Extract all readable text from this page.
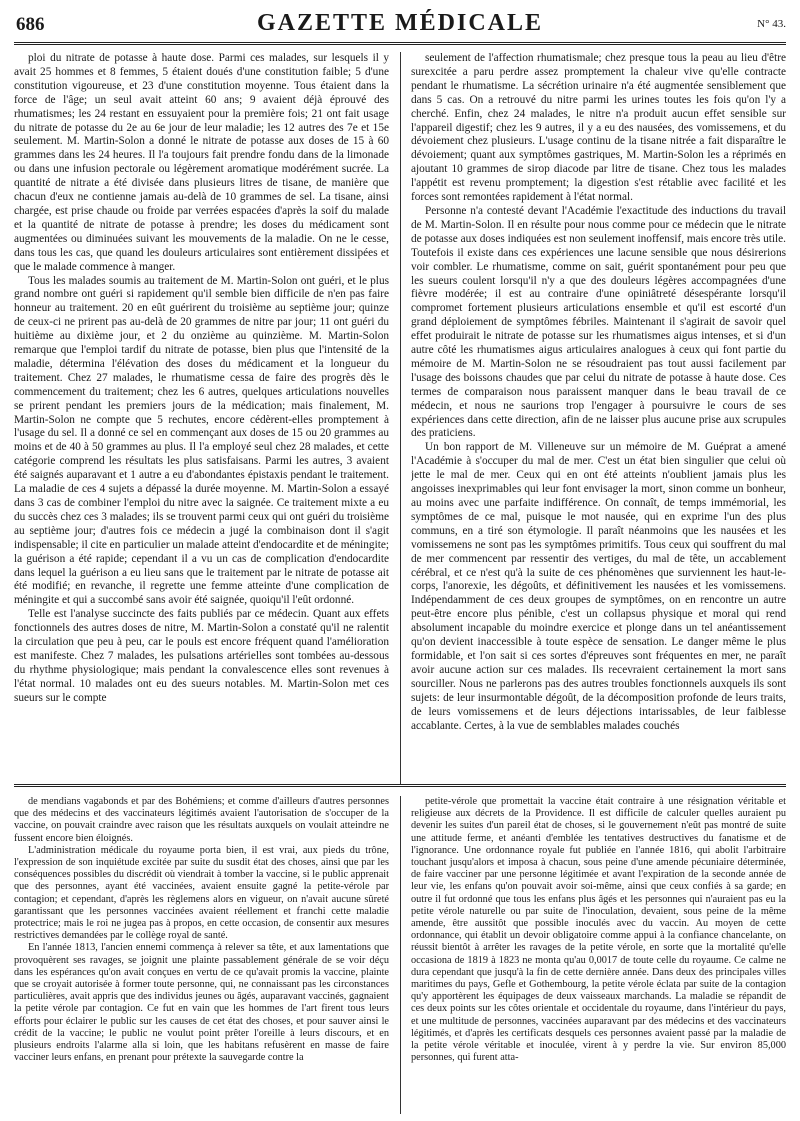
686	GAZETTE MÉDICALE	N° 43.

ploi du nitrate de potasse à haute dose. Parmi ces malades, sur lesquels il y avait 25 hommes et 8 femmes, 5 étaient doués d'une constitution faible; 5 d'une constitution vigoureuse, et 23 d'une constitution moyenne. Tous étaient dans la force de l'âge; un seul avait atteint 60 ans; 9 avaient déjà éprouvé des rhumatismes; les 24 restant en essuyaient pour la première fois; 21 ont fait usage du nitrate de potasse du 2e au 6e jour de leur maladie; les 12 autres des 7e et 15e seulement. M. Martin-Solon a donné le nitrate de potasse aux doses de 15 à 60 grammes dans les 24 heures. Il l'a toujours fait prendre fondu dans de la limonade ou dans une infusion pectorale ou légèrement aromatique modérément sucrée. La quantité de nitrate a été divisée dans plusieurs litres de tisane, de manière que chacun d'eux ne contienne jamais au-delà de 10 grammes de sel. La tisane, ainsi chargée, est prise chaude ou froide par verrées espacées d'après la soif du malade et la quantité de nitrate de potasse à prendre; les doses du médicament sont augmentées ou diminuées suivant les mouvements de la maladie. On ne le cesse, dans tous les cas, que quand les douleurs articulaires sont entièrement dissipées et que le malade commence à manger.

Tous les malades soumis au traitement de M. Martin-Solon ont guéri, et le plus grand nombre ont guéri si rapidement qu'il semble bien difficile de n'en pas faire honneur au traitement. 20 en eût guérirent du troisième au septième jour; quinze de ceux-ci ne prirent pas au-delà de 20 grammes de nitre par jour; 11 ont guéri du huitième au dixième jour, et 2 du onzième au quinzième. M. Martin-Solon remarque que l'emploi tardif du nitrate de potasse, bien plus que l'intensité de la maladie, détermina l'élévation des doses du médicament et la longueur du traitement. Chez 27 malades, le rhumatisme cessa de faire des progrès dès le commencement du traitement; chez les 6 autres, quelques articulations nouvelles se prirent pendant les premiers jours de la médication; mais finalement, M. Martin-Solon ne compte que 5 rechutes, encore cédèrent-elles promptement à l'usage du sel. Il a donné ce sel en commençant aux doses de 15 ou 20 grammes au moins et de 40 à 50 grammes au plus. Il l'a employé seul chez 28 malades, et cette catégorie comprend les résultats les plus satisfaisans. Parmi les autres, 3 avaient été saignés auparavant et 1 autre a eu d'abondantes épistaxis pendant le traitement. La maladie de ces 4 sujets a dépassé la durée moyenne. M. Martin-Solon a essayé dans 3 cas de combiner l'emploi du nitre avec la saignée. Ce traitement mixte a eu du succès chez ces 3 malades; ils se trouvent parmi ceux qui ont guéri du troisième au septième jour; d'autres fois ce médecin a jugé la combinaison dont il s'agit indispensable; il cite en particulier un malade atteint d'endocardite et de méningite; la guérison a été rapide; cependant il a vu un cas de complication d'endocardite dans lequel la guérison a eu lieu sans que le traitement par le nitrate de potasse ait été modifié; en revanche, il regrette une femme atteinte d'une complication de méningite et qui a succombé sans avoir été saignée, quoiqu'il l'eût ordonné.

Telle est l'analyse succincte des faits publiés par ce médecin. Quant aux effets fonctionnels des autres doses de nitre, M. Martin-Solon a constaté qu'il ne ralentit la circulation que peu à peu, car le pouls est encore fréquent quand l'amélioration est manifeste. Chez 7 malades, les pulsations artérielles sont tombées au-dessous du rhythme physiologique; mais pendant la convalescence elles sont revenues à l'état normal. 10 malades ont eu des sueurs notables. M. Martin-Solon met ces sueurs sur le compte

seulement de l'affection rhumatismale; chez presque tous la peau au lieu d'être surexcitée a paru perdre assez promptement la chaleur vive qu'elle contracte pendant le rhumatisme. La sécrétion urinaire n'a été augmentée sensiblement que dans 5 cas. On a retrouvé du nitre parmi les urines toutes les fois qu'on l'y a cherché. Enfin, chez 24 malades, le nitre n'a produit aucun effet sensible sur l'appareil digestif; chez les 9 autres, il y a eu des nausées, des vomissemens, et du dévoiement chez plusieurs. L'usage continu de la tisane nitrée a fait disparaître le dévoiement; quant aux symptômes gastriques, M. Martin-Solon les a réprimés en ajoutant 10 grammes de sirop diacode par litre de tisane. Chez tous les malades l'appétit est revenu promptement; la digestion s'est rétablie avec facilité et les forces sont remontées rapidement à l'état normal.

Personne n'a contesté devant l'Académie l'exactitude des inductions du travail de M. Martin-Solon. Il en résulte pour nous comme pour ce médecin que le nitrate de potasse aux doses indiquées est non seulement inoffensif, mais encore très utile. Toutefois il existe dans ces expériences une lacune sensible que nous désirerions voir combler. Le rhumatisme, comme on sait, guérit spontanément pour peu que les sueurs coulent lorsqu'il n'y a que des douleurs légères accompagnées d'une fièvre modérée; il est au contraire d'une opiniâtreté désespérante lorsqu'il compromet fortement plusieurs articulations ensemble et qu'il est escorté d'un grand déploiement de symptômes fébriles. Maintenant il s'agirait de savoir quel effet produirait le nitrate de potasse sur les rhumatismes aigus intenses, et si d'un autre côté les rhumatismes aigus articulaires analogues à ceux qui font partie du mémoire de M. Martin-Solon ne se résoudraient pas tout aussi facilement par l'usage des boissons chaudes que par celui du nitrate de potasse à haute dose. Ces termes de comparaison nous paraissent manquer dans le beau travail de ce médecin, et nous ne saurions trop l'engager à poursuivre le cours de ses expériences dans cette direction, afin de ne laisser plus aucune prise aux scrupules des praticiens.

Un bon rapport de M. Villeneuve sur un mémoire de M. Guéprat a amené l'Académie à s'occuper du mal de mer. C'est un état bien singulier que celui où jette le mal de mer. Ceux qui en ont été atteints n'oublient jamais plus les angoisses inexprimables qui leur font envisager la mort, sinon comme un bonheur, au moins avec une parfaite indifférence. On connaît, de temps immémorial, les symptômes de ce mal, puisque le mot nausée, qui en exprime l'un des plus communs, en a tiré son étymologie. Il paraît néanmoins que les nausées et les vomissemens ne sont pas les symptômes primitifs. Tous ceux qui souffrent du mal de mer commencent par ressentir des vertiges, du mal de tête, un accablement cérébral, et ce n'est qu'à la suite de ces phénomènes que surviennent les haut-le-corps, l'anorexie, les dégoûts, et définitivement les nausées et les vomissemens. Indépendamment de ces deux groupes de symptômes, on en rencontre un autre peut-être encore plus pénible, c'est un collapsus physique et moral qui rend absolument incapable du moindre exercice et plonge dans un tel anéantissement qu'on devient inaccessible à toute espèce de sensation. Le danger même le plus formidable, et l'on sait si ces sortes d'épreuves sont fréquentes en mer, ne paraît avoir aucune action sur ces malades. Ils recevraient certainement la mort sans sourciller. Nous ne parlerons pas des autres troubles fonctionnels auxquels ils sont sujets: de leur insurmontable dégoût, de la décomposition profonde de leurs traits, de leurs vomissemens et de leurs déjections intarissables, de leur faiblesse accablante. Certes, à la vue de semblables malades couchés

de mendians vagabonds et par des Bohémiens; et comme d'ailleurs d'autres personnes que des médecins et des vaccinateurs légitimés avaient l'autorisation de s'occuper de la vaccine, on pouvait craindre avec raison que les résultats auxquels on voulait atteindre ne fussent encore bien éloignés.

L'administration médicale du royaume porta bien, il est vrai, aux pieds du trône, l'expression de son inquiétude excitée par suite du susdit état des choses, ainsi que par les conséquences possibles du discrédit où viendrait à tomber la vaccine, si le public apprenait que des personnes, ayant été vaccinées, avaient ensuite gagné la petite-vérole par contagion; et cependant, d'après les règlemens alors en vigueur, on n'avait aucune sûreté garantissant que les personnes vaccinées avaient réellement et franchi cette maladie protectrice; mais le roi ne jugea pas à propos, en cette occasion, de consentir aux mesures restrictives demandées par le collège royal de santé.

En l'année 1813, l'ancien ennemi commença à relever sa tête, et aux lamentations que provoquèrent ses ravages, se joignit une plainte passablement générale de se voir déçu dans les espérances qu'on avait conçues en vertu de ce qu'avait promis la vaccine, plainte que se croyait autorisée à former toute personne, qui, ne connaissant pas les circonstances particulières, avait appris que des individus jeunes ou âgés, auparavant vaccinés, gagnaient la petite vérole par contagion. Ce fut en vain que les hommes de l'art firent tous leurs efforts pour éclairer le public sur les causes de cet état des choses, et pour sauver ainsi le crédit de la vaccine; le public ne voulut point prêter l'oreille à leurs discours, et en plusieurs endroits l'alarme alla si loin, que les habitans refusèrent en masse de faire vacciner leurs enfans, en prenant pour prétexte la sauvegarde contre la

petite-vérole que promettait la vaccine était contraire à une résignation véritable et religieuse aux décrets de la Providence. Il est difficile de calculer quelles auraient pu devenir les suites d'un pareil état de choses, si le gouvernement n'eût pas montré de suite une attitude ferme, et anéanti d'emblée les tentatives destructives du fanatisme et de l'ignorance. Une ordonnance royale fut publiée en l'année 1816, qui abolit l'arbitraire touchant jusqu'alors et imposa à chacun, sous peine d'une amende pécuniaire déterminée, de faire vacciner par une personne légitimée et avant l'expiration de la seconde année de leur vie, les enfans qu'on pouvait avoir soi-même, ainsi que ceux confiés à sa garde; en outre il fut ordonné que tous les enfans plus âgés et les personnes qui n'auraient pas eu la petite vérole naturelle ou par suite de l'inoculation, devaient, sous peine de la même amende, être aussitôt que possible inoculés avec du vaccin. Au moyen de cette ordonnance, qui établit un devoir obligatoire comme appui à la confiance chancelante, on réussit bientôt à arrêter les ravages de la petite vérole, en sorte que la mortalité qu'elle occasiona de 1819 à 1823 ne monta qu'au 0,0017 de toute celle du royaume. Ce calme ne dura cependant que jusqu'à la fin de cette dernière année. Dans deux des principales villes maritimes du pays, Gefle et Gothembourg, la petite vérole éclata par suite de la contagion qu'y apportèrent les équipages de deux vaisseaux marchands. La maladie se répandit de ces deux points sur les côtes orientale et occidentale du royaume, dans l'intérieur du pays, et une multitude de personnes, vaccinées auparavant par des médecins et des vaccinateurs légitimés, et d'après les certificats desquels ces personnes avaient passé par la maladie de la petite vérole véritable et inoculée, virent à y perdre la vie. Sur environ 85,000 personnes, qui furent atta-
